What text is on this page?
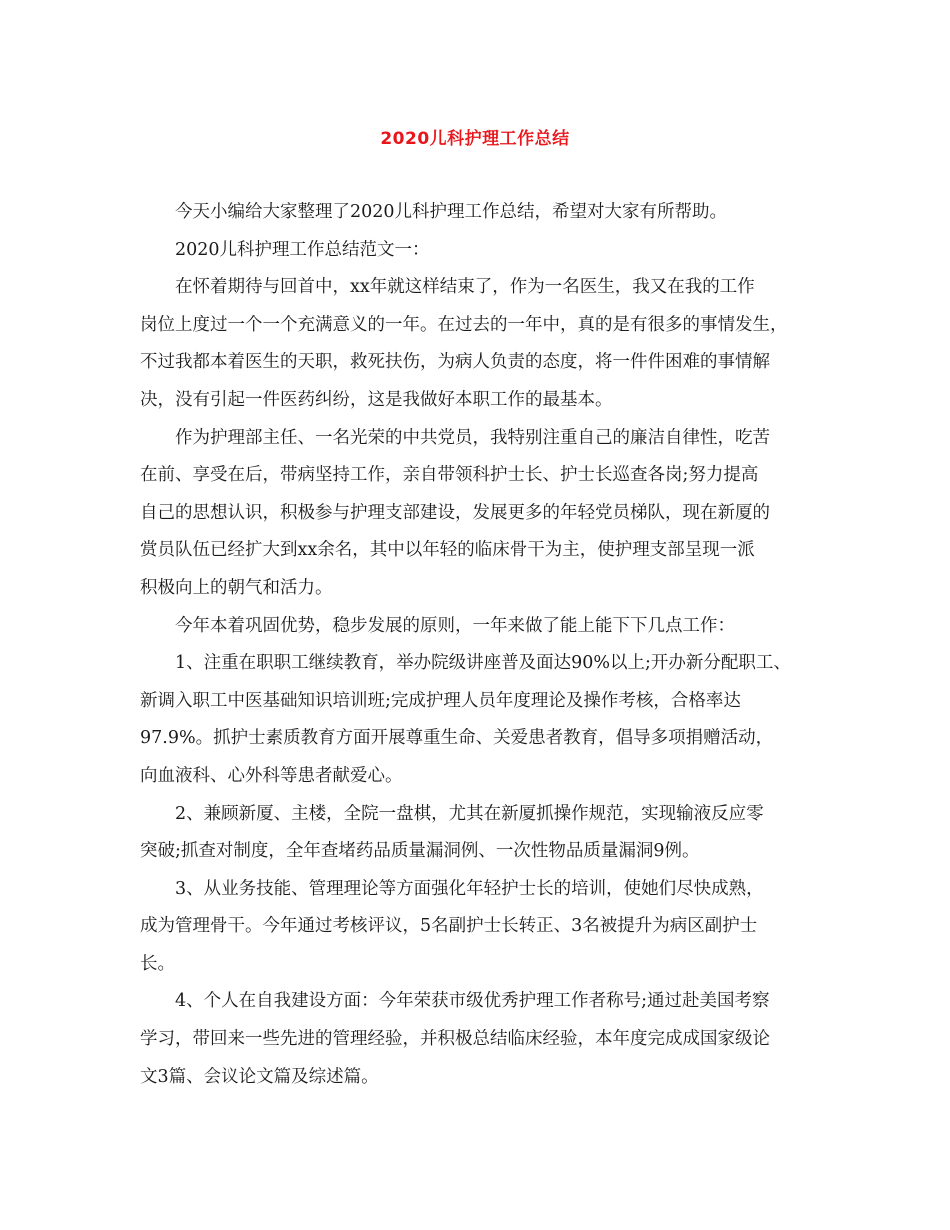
2020儿科护理工作总结
今天小编给大家整理了2020儿科护理工作总结，希望对大家有所帮助。
2020儿科护理工作总结范文一：
在怀着期待与回首中，xx年就这样结束了，作为一名医生，我又在我的工作
岗位上度过一个一个充满意义的一年。在过去的一年中，真的是有很多的事情发生，
不过我都本着医生的天职，救死扶伤，为病人负责的态度，将一件件困难的事情解
决，没有引起一件医药纠纷，这是我做好本职工作的最基本。
作为护理部主任、一名光荣的中共党员，我特别注重自己的廉洁自律性，吃苦
在前、享受在后，带病坚持工作，亲自带领科护士长、护士长巡查各岗;努力提高
自己的思想认识，积极参与护理支部建设，发展更多的年轻党员梯队，现在新厦的
赏员队伍已经扩大到xx余名，其中以年轻的临床骨干为主，使护理支部呈现一派
积极向上的朝气和活力。
今年本着巩固优势，稳步发展的原则，一年来做了能上能下下几点工作：
1、注重在职职工继续教育，举办院级讲座普及面达90%以上;开办新分配职工、
新调入职工中医基础知识培训班;完成护理人员年度理论及操作考核，合格率达
97.9%。抓护士素质教育方面开展尊重生命、关爱患者教育，倡导多项捐赠活动，
向血液科、心外科等患者献爱心。
2、兼顾新厦、主楼，全院一盘棋，尤其在新厦抓操作规范，实现输液反应零
突破;抓查对制度，全年查堵药品质量漏洞例、一次性物品质量漏洞9例。
3、从业务技能、管理理论等方面强化年轻护士长的培训，使她们尽快成熟，
成为管理骨干。今年通过考核评议，5名副护士长转正、3名被提升为病区副护士
长。
4、个人在自我建设方面：今年荣获市级优秀护理工作者称号;通过赴美国考察
学习，带回来一些先进的管理经验，并积极总结临床经验，本年度完成成国家级论
文3篇、会议论文篇及综述篇。
